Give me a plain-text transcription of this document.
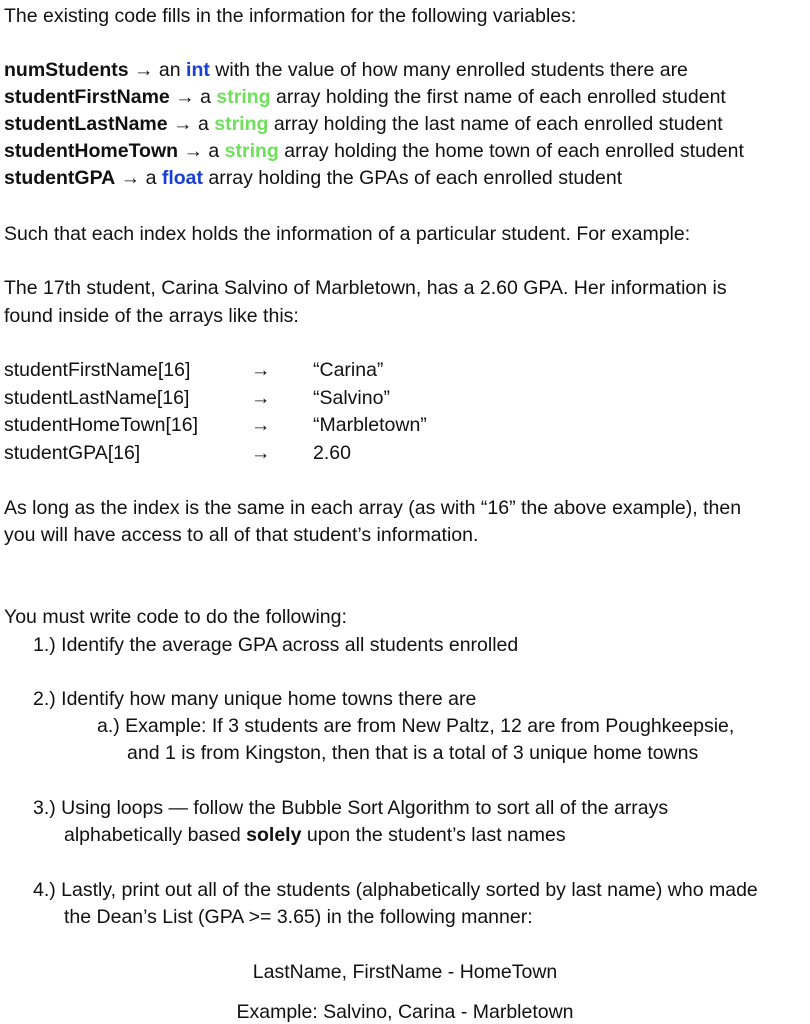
The existing code fills in the information for the following variables:
numStudents → an int with the value of how many enrolled students there are
studentFirstName → a string array holding the first name of each enrolled student
studentLastName → a string array holding the last name of each enrolled student
studentHomeTown → a string array holding the home town of each enrolled student
studentGPA → a float array holding the GPAs of each enrolled student
Such that each index holds the information of a particular student. For example:
The 17th student, Carina Salvino of Marbletown, has a 2.60 GPA. Her information is
found inside of the arrays like this:
studentFirstName[16]	→ “Carina”
studentLastName[16]	→ “Salvino”
studentHomeTown[16]	→ “Marbletown”
studentGPA[16]	→ 2.60
As long as the index is the same in each array (as with “16” the above example), then
you will have access to all of that student’s information.
You must write code to do the following:
1.) Identify the average GPA across all students enrolled
2.) Identify how many unique home towns there are
a.) Example: If 3 students are from New Paltz, 12 are from Poughkeepsie,
and 1 is from Kingston, then that is a total of 3 unique home towns
3.) Using loops — follow the Bubble Sort Algorithm to sort all of the arrays
alphabetically based solely upon the student’s last names
4.) Lastly, print out all of the students (alphabetically sorted by last name) who made
the Dean’s List (GPA >= 3.65) in the following manner:
LastName, FirstName - HomeTown
Example: Salvino, Carina - Marbletown
